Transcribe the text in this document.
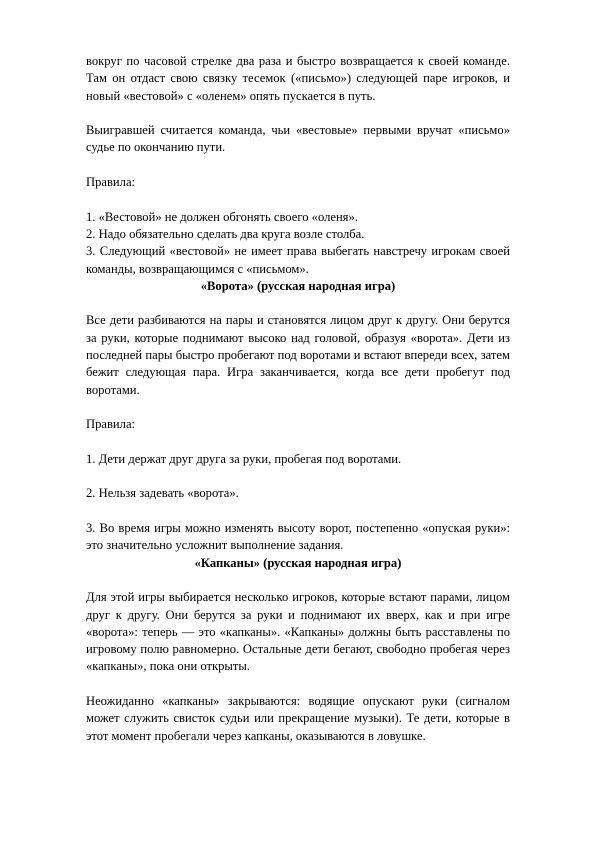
вокруг по часовой стрелке два раза и быстро возвращается к своей команде. Там он отдаст свою связку тесемок («письмо») следующей паре игроков, и новый «вестовой» с «оленем» опять пускается в путь.

Выигравшей считается команда, чьи «вестовые» первыми вручат «письмо» судье по окончанию пути.

Правила:

1. «Вестовой» не должен обгонять своего «оленя».

2. Надо обязательно сделать два круга возле столба.

3. Следующий «вестовой» не имеет права выбегать навстречу игрокам своей команды, возвращающимся с «письмом».

«Ворота» (русская народная игра)

Все дети разбиваются на пары и становятся лицом друг к другу. Они берутся за руки, которые поднимают высоко над головой, образуя «ворота». Дети из последней пары быстро пробегают под воротами и встают впереди всех, затем бежит следующая пара. Игра заканчивается, когда все дети пробегут под воротами.

Правила:

1. Дети держат друг друга за руки, пробегая под воротами.

2. Нельзя задевать «ворота».

3. Во время игры можно изменять высоту ворот, постепенно «опуская руки»: это значительно усложнит выполнение задания.

«Капканы» (русская народная игра)

Для этой игры выбирается несколько игроков, которые встают парами, лицом друг к другу. Они берутся за руки и поднимают их вверх, как и при игре «ворота»: теперь — это «капканы». «Капканы» должны быть расставлены по игровому полю равномерно. Остальные дети бегают, свободно пробегая через «капканы», пока они открыты.

Неожиданно «капканы» закрываются: водящие опускают руки (сигналом может служить свисток судьи или прекращение музыки). Те дети, которые в этот момент пробегали через капканы, оказываются в ловушке.
